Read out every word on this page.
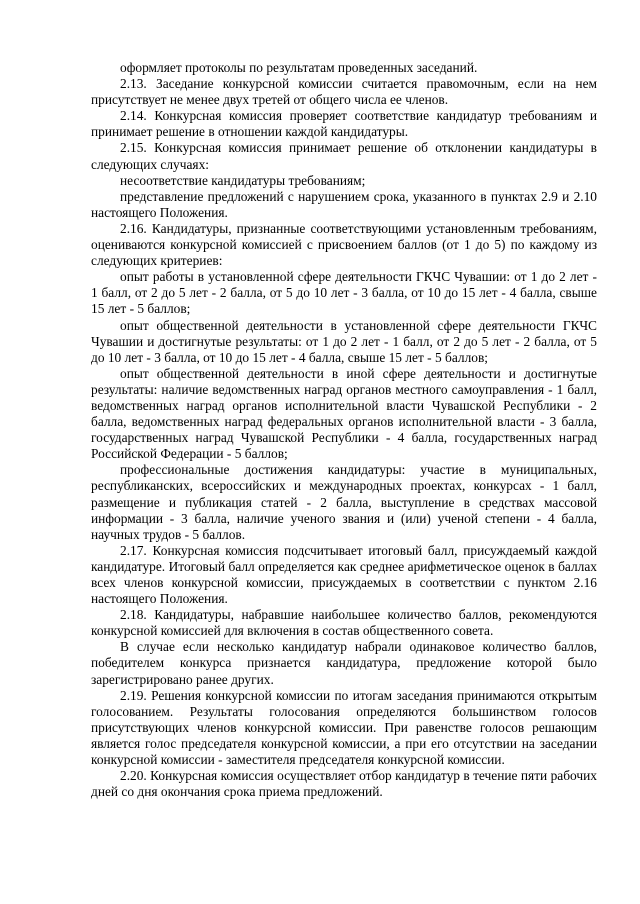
оформляет протоколы по результатам проведенных заседаний.

2.13. Заседание конкурсной комиссии считается правомочным, если на нем присутствует не менее двух третей от общего числа ее членов.

2.14. Конкурсная комиссия проверяет соответствие кандидатур требованиям и принимает решение в отношении каждой кандидатуры.

2.15. Конкурсная комиссия принимает решение об отклонении кандидатуры в следующих случаях:

несоответствие кандидатуры требованиям;

представление предложений с нарушением срока, указанного в пунктах 2.9 и 2.10 настоящего Положения.

2.16. Кандидатуры, признанные соответствующими установленным требованиям, оцениваются конкурсной комиссией с присвоением баллов (от 1 до 5) по каждому из следующих критериев:

опыт работы в установленной сфере деятельности ГКЧС Чувашии: от 1 до 2 лет - 1 балл, от 2 до 5 лет - 2 балла, от 5 до 10 лет - 3 балла, от 10 до 15 лет - 4 балла, свыше 15 лет - 5 баллов;

опыт общественной деятельности в установленной сфере деятельности ГКЧС Чувашии и достигнутые результаты: от 1 до 2 лет - 1 балл, от 2 до 5 лет - 2 балла, от 5 до 10 лет - 3 балла, от 10 до 15 лет - 4 балла, свыше 15 лет - 5 баллов;

опыт общественной деятельности в иной сфере деятельности и достигнутые результаты: наличие ведомственных наград органов местного самоуправления - 1 балл, ведомственных наград органов исполнительной власти Чувашской Республики - 2 балла, ведомственных наград федеральных органов исполнительной власти - 3 балла, государственных наград Чувашской Республики - 4 балла, государственных наград Российской Федерации - 5 баллов;

профессиональные достижения кандидатуры: участие в муниципальных, республиканских, всероссийских и международных проектах, конкурсах - 1 балл, размещение и публикация статей - 2 балла, выступление в средствах массовой информации - 3 балла, наличие ученого звания и (или) ученой степени - 4 балла, научных трудов - 5 баллов.

2.17. Конкурсная комиссия подсчитывает итоговый балл, присуждаемый каждой кандидатуре. Итоговый балл определяется как среднее арифметическое оценок в баллах всех членов конкурсной комиссии, присуждаемых в соответствии с пунктом 2.16 настоящего Положения.

2.18. Кандидатуры, набравшие наибольшее количество баллов, рекомендуются конкурсной комиссией для включения в состав общественного совета.

В случае если несколько кандидатур набрали одинаковое количество баллов, победителем конкурса признается кандидатура, предложение которой было зарегистрировано ранее других.

2.19. Решения конкурсной комиссии по итогам заседания принимаются открытым голосованием. Результаты голосования определяются большинством голосов присутствующих членов конкурсной комиссии. При равенстве голосов решающим является голос председателя конкурсной комиссии, а при его отсутствии на заседании конкурсной комиссии - заместителя председателя конкурсной комиссии.

2.20. Конкурсная комиссия осуществляет отбор кандидатур в течение пяти рабочих дней со дня окончания срока приема предложений.
